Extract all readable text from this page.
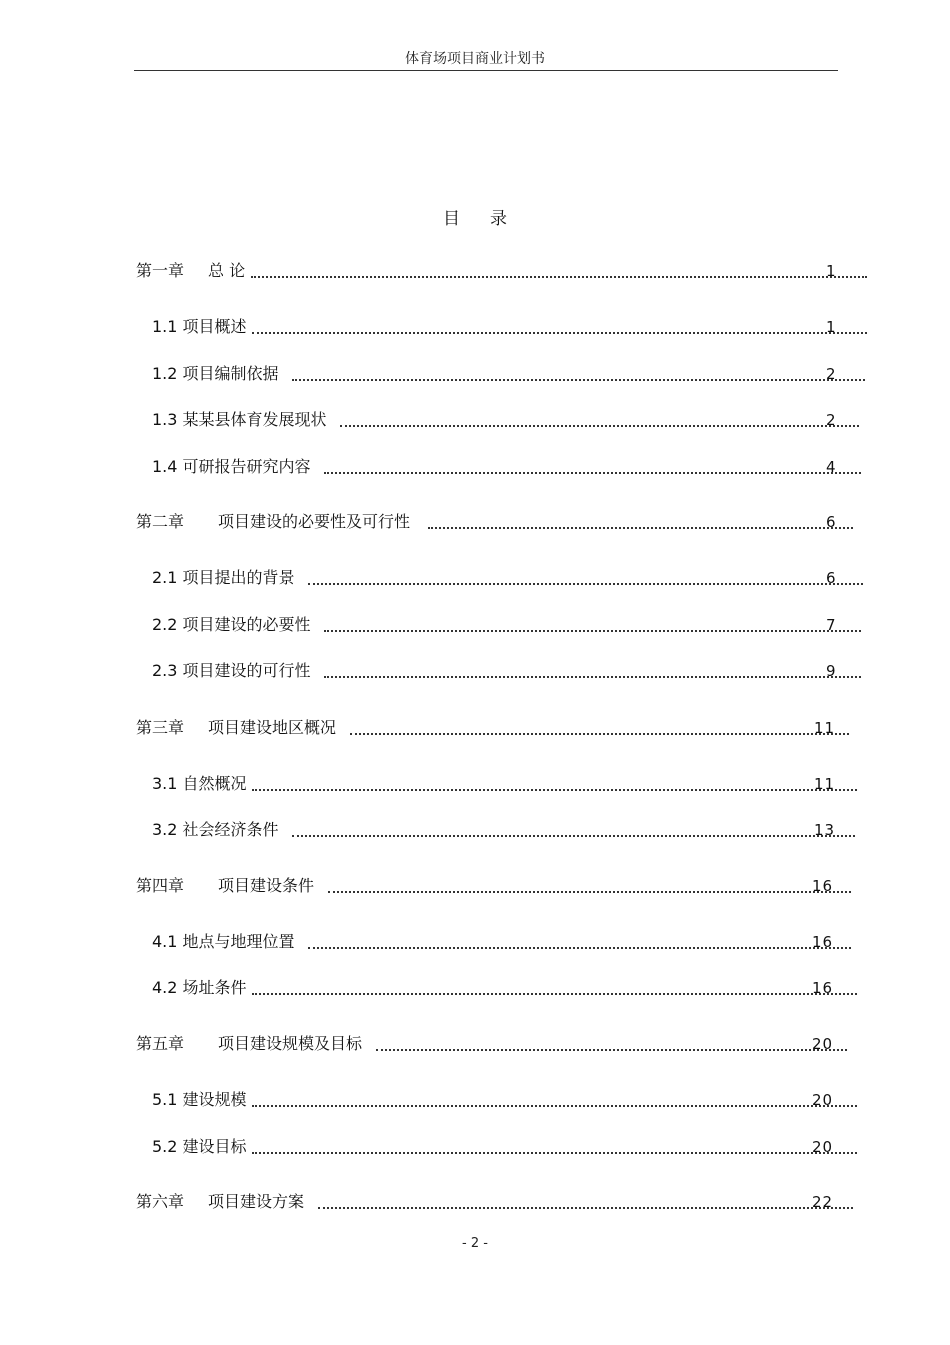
体育场项目商业计划书
目 录
第一章 总 论	1
1.1 项目概述	1
1.2 项目编制依据	2
1.3 某某县体育发展现状	2
1.4 可研报告研究内容	4
第二章 项目建设的必要性及可行性	6
2.1 项目提出的背景	6
2.2 项目建设的必要性	7
2.3 项目建设的可行性	9
第三章 项目建设地区概况	11
3.1 自然概况	11
3.2 社会经济条件	13
第四章 项目建设条件	16
4.1 地点与地理位置	16
4.2 场址条件	16
第五章 项目建设规模及目标	20
5.1 建设规模	20
5.2 建设目标	20
第六章 项目建设方案	22
- 2 -
